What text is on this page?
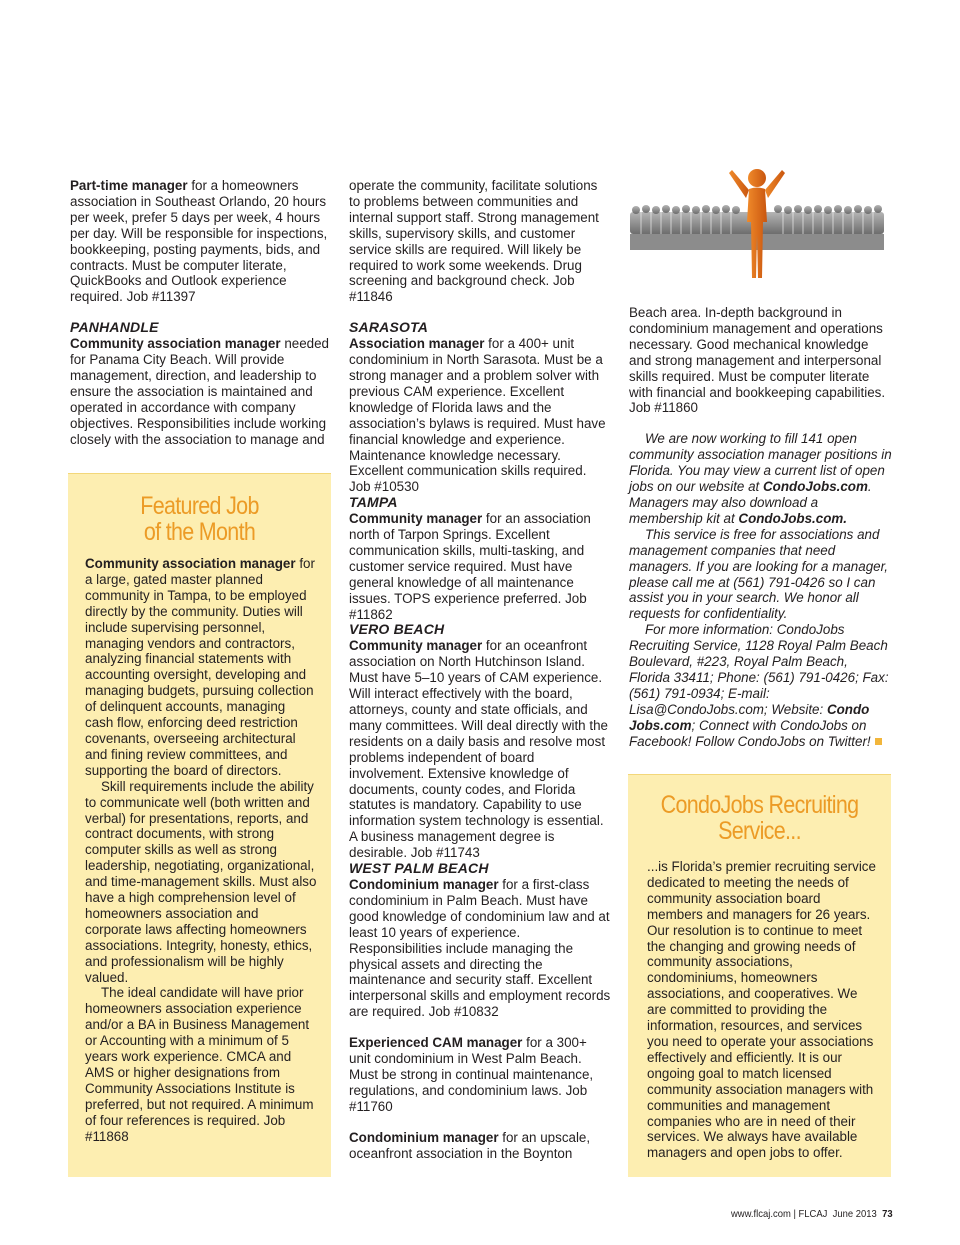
Part-time manager for a homeowners association in Southeast Orlando, 20 hours per week, prefer 5 days per week, 4 hours per day. Will be responsible for inspections, bookkeeping, posting payments, bids, and contracts. Must be computer literate, QuickBooks and Outlook experience required. Job #11397

PANHANDLE

Community association manager needed for Panama City Beach. Will provide management, direction, and leadership to ensure the association is maintained and operated in accordance with company objectives. Responsibilities include working closely with the association to manage and

Featured Job
of the Month

Community association manager for a large, gated master planned community in Tampa, to be employed directly by the community. Duties will include supervising personnel, managing vendors and contractors, analyzing financial statements with accounting oversight, developing and managing budgets, pursuing collection of delinquent accounts, managing cash flow, enforcing deed restriction covenants, overseeing architectural and fining review committees, and supporting the board of directors.

Skill requirements include the ability to communicate well (both written and verbal) for presentations, reports, and contract documents, with strong computer skills as well as strong leadership, negotiating, organizational, and time-management skills. Must also have a high comprehension level of homeowners association and corporate laws affecting homeowners associations. Integrity, honesty, ethics, and professionalism will be highly valued.

The ideal candidate will have prior homeowners association experience and/or a BA in Business Management or Accounting with a minimum of 5 years work experience. CMCA and AMS or higher designations from Community Associations Institute is preferred, but not required. A minimum of four references is required. Job #11868

operate the community, facilitate solutions to problems between communities and internal support staff. Strong management skills, supervisory skills, and customer service skills are required. Will likely be required to work some weekends. Drug screening and background check. Job #11846

SARASOTA

Association manager for a 400+ unit condominium in North Sarasota. Must be a strong manager and a problem solver with previous CAM experience. Excellent knowledge of Florida laws and the association’s bylaws is required. Must have financial knowledge and experience. Maintenance knowledge necessary. Excellent communication skills required. Job #10530

TAMPA

Community manager for an association north of Tarpon Springs. Excellent communication skills, multi-tasking, and customer service required. Must have general knowledge of all maintenance issues. TOPS experience preferred. Job #11862

VERO BEACH

Community manager for an oceanfront association on North Hutchinson Island. Must have 5–10 years of CAM experience. Will interact effectively with the board, attorneys, county and state officials, and many committees. Will deal directly with the residents on a daily basis and resolve most problems independent of board involvement. Extensive knowledge of documents, county codes, and Florida statutes is mandatory. Capability to use information system technology is essential. A business management degree is desirable. Job #11743

WEST PALM BEACH

Condominium manager for a first-class condominium in Palm Beach. Must have good knowledge of condominium law and at least 10 years of experience. Responsibilities include managing the physical assets and directing the maintenance and security staff. Excellent interpersonal skills and employment records are required. Job #10832

Experienced CAM manager for a 300+ unit condominium in West Palm Beach. Must be strong in continual maintenance, regulations, and condominium laws. Job #11760

Condominium manager for an upscale, oceanfront association in the Boynton

Beach area. In-depth background in condominium management and operations necessary. Good mechanical knowledge and strong management and interpersonal skills required. Must be computer literate with financial and bookkeeping capabilities. Job #11860

We are now working to fill 141 open community association manager positions in Florida. You may view a current list of open jobs on our website at CondoJobs.com. Managers may also download a membership kit at CondoJobs.com.

This service is free for associations and management companies that need managers. If you are looking for a manager, please call me at (561) 791-0426 so I can assist you in your search. We honor all requests for confidentiality.

For more information: CondoJobs Recruiting Service, 1128 Royal Palm Beach Boulevard, #223, Royal Palm Beach, Florida 33411; Phone: (561) 791-0426; Fax: (561) 791-0934; E-mail: Lisa@CondoJobs.com; Website: Condo Jobs.com; Connect with CondoJobs on Facebook! Follow CondoJobs on Twitter!

CondoJobs Recruiting
Service...

...is Florida’s premier recruiting service dedicated to meeting the needs of community association board members and managers for 26 years. Our resolution is to continue to meet the changing and growing needs of community associations, condominiums, homeowners associations, and cooperatives. We are committed to providing the information, resources, and services you need to operate your associations effectively and efficiently. It is our ongoing goal to match licensed community association managers with communities and management companies who are in need of their services. We always have available managers and open jobs to offer.

www.flcaj.com | FLCAJ June 2013 73
